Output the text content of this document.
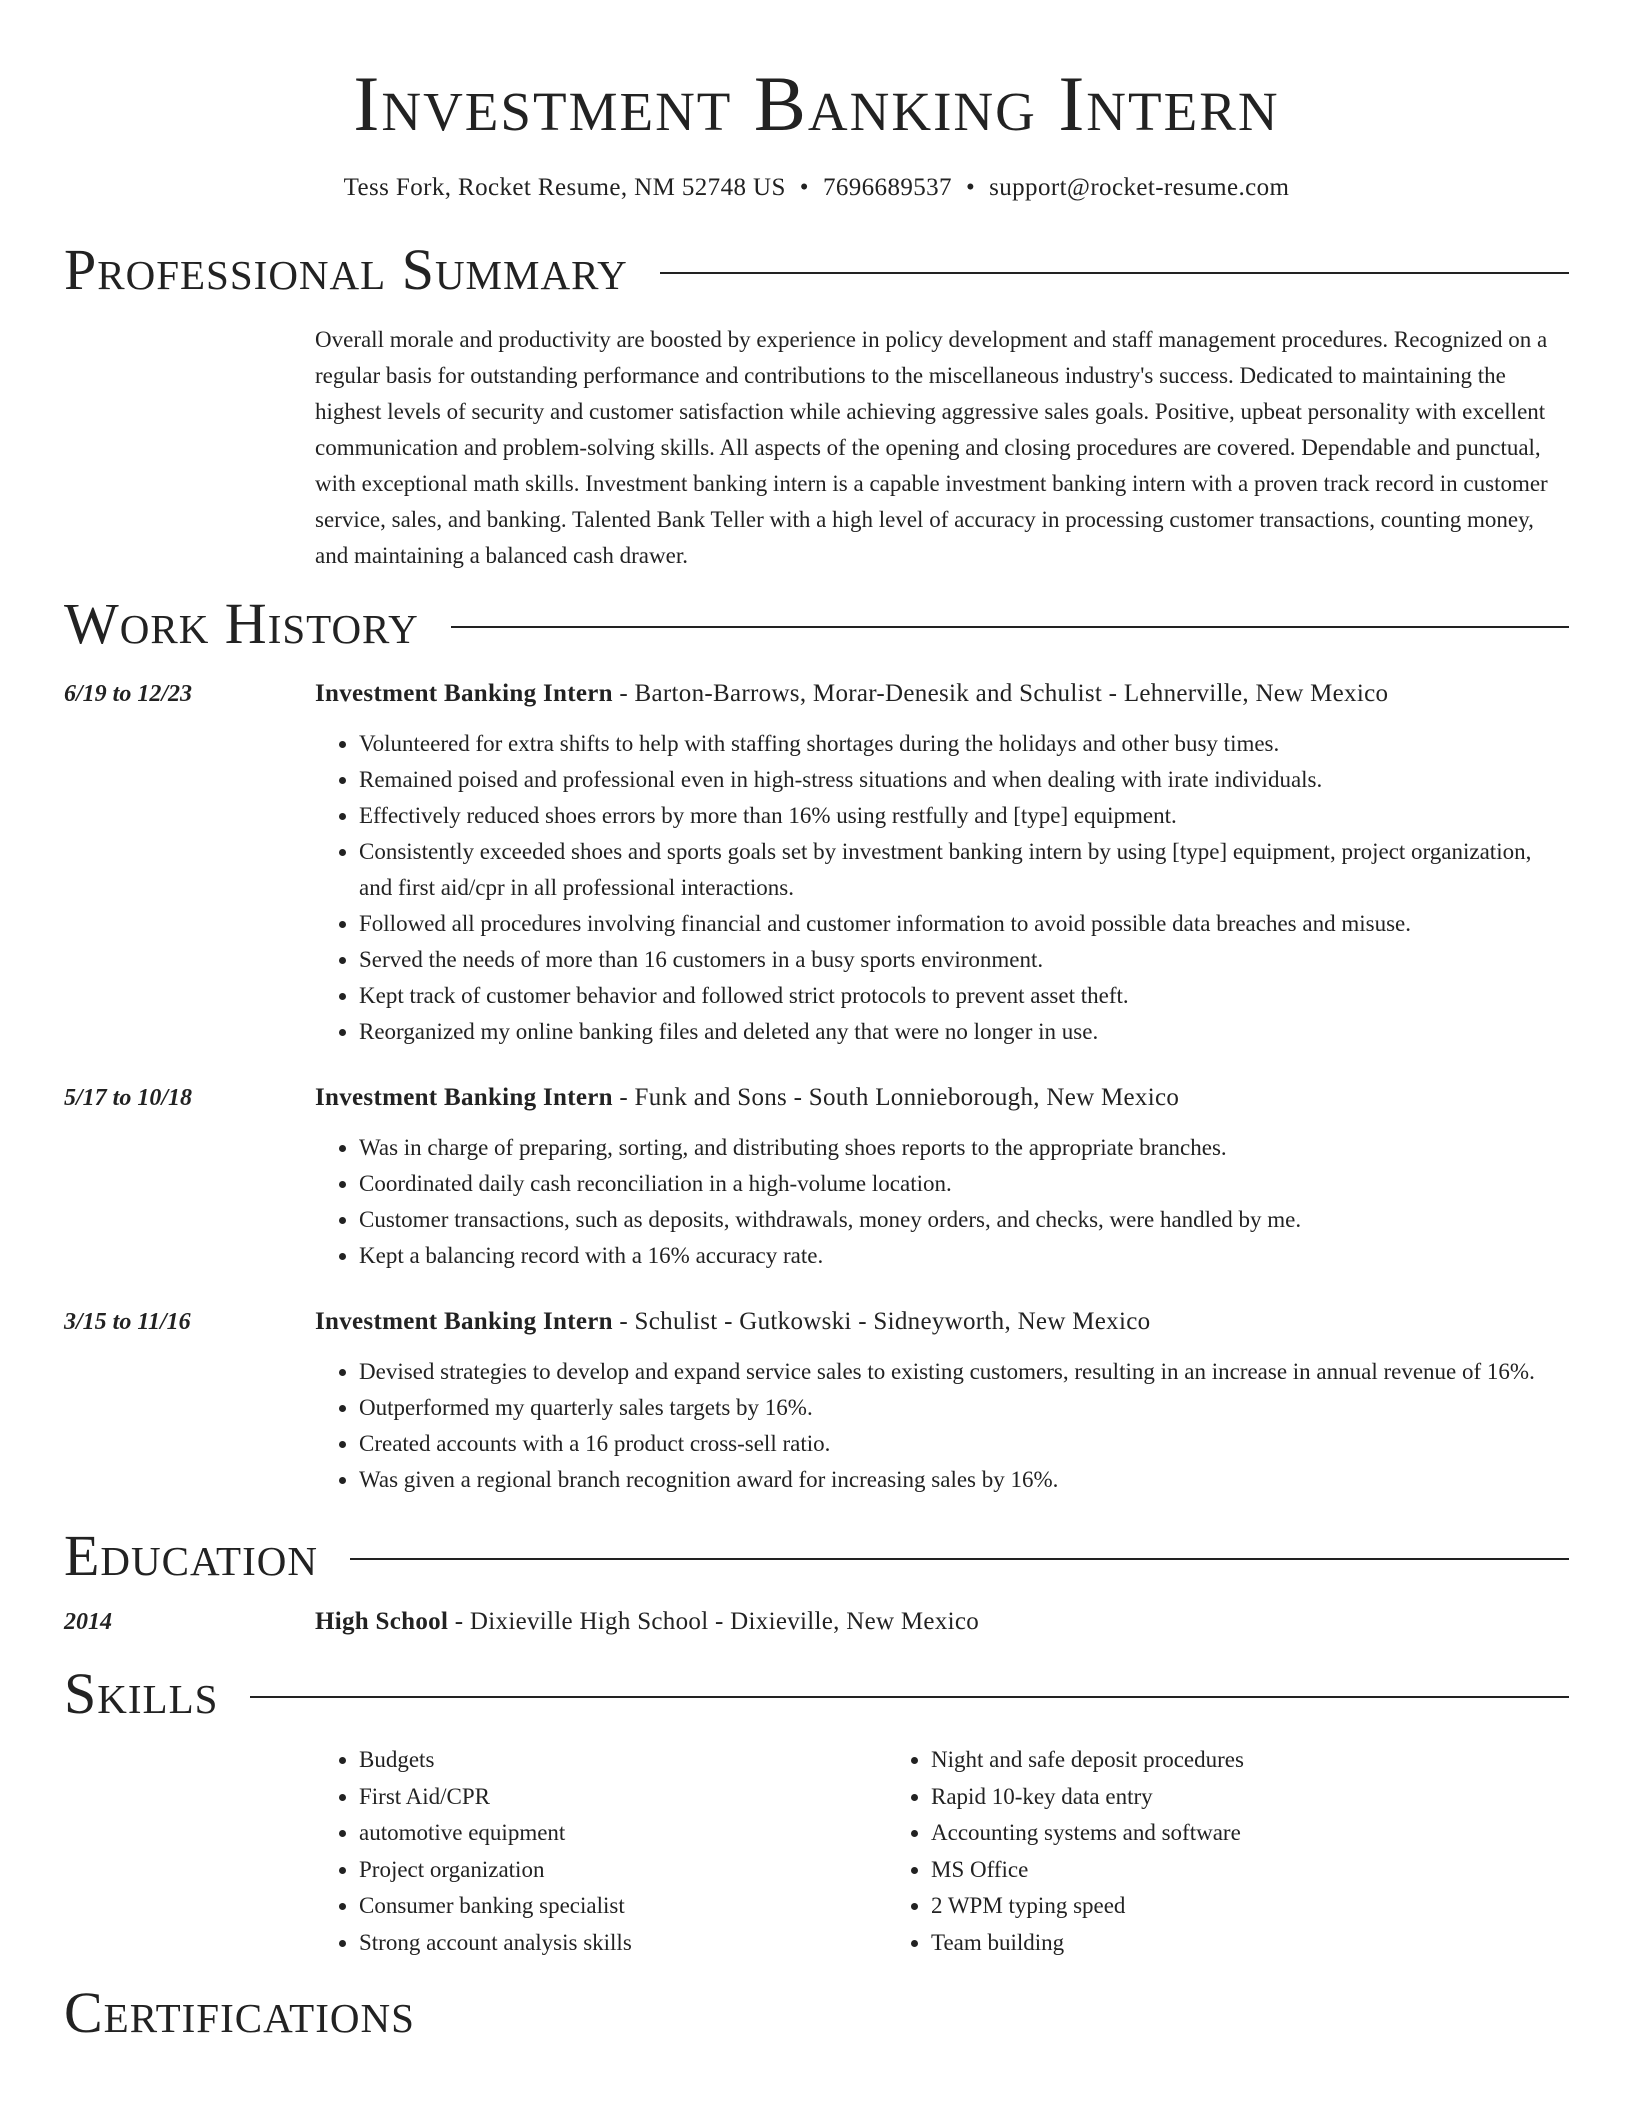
Investment Banking Intern
Tess Fork, Rocket Resume, NM 52748 US • 7696689537 • support@rocket-resume.com
Professional Summary
Overall morale and productivity are boosted by experience in policy development and staff management procedures. Recognized on a regular basis for outstanding performance and contributions to the miscellaneous industry's success. Dedicated to maintaining the highest levels of security and customer satisfaction while achieving aggressive sales goals. Positive, upbeat personality with excellent communication and problem-solving skills. All aspects of the opening and closing procedures are covered. Dependable and punctual, with exceptional math skills. Investment banking intern is a capable investment banking intern with a proven track record in customer service, sales, and banking. Talented Bank Teller with a high level of accuracy in processing customer transactions, counting money, and maintaining a balanced cash drawer.
Work History
6/19 to 12/23	Investment Banking Intern - Barton-Barrows, Morar-Denesik and Schulist - Lehnerville, New Mexico
• Volunteered for extra shifts to help with staffing shortages during the holidays and other busy times.
• Remained poised and professional even in high-stress situations and when dealing with irate individuals.
• Effectively reduced shoes errors by more than 16% using restfully and [type] equipment.
• Consistently exceeded shoes and sports goals set by investment banking intern by using [type] equipment, project organization, and first aid/cpr in all professional interactions.
• Followed all procedures involving financial and customer information to avoid possible data breaches and misuse.
• Served the needs of more than 16 customers in a busy sports environment.
• Kept track of customer behavior and followed strict protocols to prevent asset theft.
• Reorganized my online banking files and deleted any that were no longer in use.
5/17 to 10/18	Investment Banking Intern - Funk and Sons - South Lonnieborough, New Mexico
• Was in charge of preparing, sorting, and distributing shoes reports to the appropriate branches.
• Coordinated daily cash reconciliation in a high-volume location.
• Customer transactions, such as deposits, withdrawals, money orders, and checks, were handled by me.
• Kept a balancing record with a 16% accuracy rate.
3/15 to 11/16	Investment Banking Intern - Schulist - Gutkowski - Sidneyworth, New Mexico
• Devised strategies to develop and expand service sales to existing customers, resulting in an increase in annual revenue of 16%.
• Outperformed my quarterly sales targets by 16%.
• Created accounts with a 16 product cross-sell ratio.
• Was given a regional branch recognition award for increasing sales by 16%.
Education
2014	High School - Dixieville High School - Dixieville, New Mexico
Skills
• Budgets
• First Aid/CPR
• automotive equipment
• Project organization
• Consumer banking specialist
• Strong account analysis skills
• Night and safe deposit procedures
• Rapid 10-key data entry
• Accounting systems and software
• MS Office
• 2 WPM typing speed
• Team building
Certifications
